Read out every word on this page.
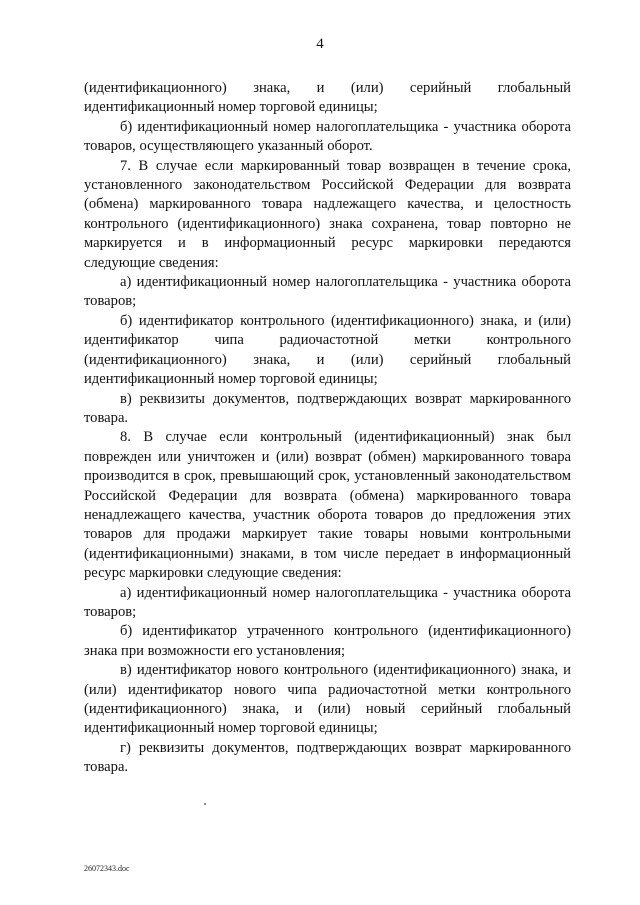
4

(идентификационного) знака, и (или) серийный глобальный идентификационный номер торговой единицы;

б) идентификационный номер налогоплательщика - участника оборота товаров, осуществляющего указанный оборот.

7. В случае если маркированный товар возвращен в течение срока, установленного законодательством Российской Федерации для возврата (обмена) маркированного товара надлежащего качества, и целостность контрольного (идентификационного) знака сохранена, товар повторно не маркируется и в информационный ресурс маркировки передаются следующие сведения:

а) идентификационный номер налогоплательщика - участника оборота товаров;

б) идентификатор контрольного (идентификационного) знака, и (или) идентификатор чипа радиочастотной метки контрольного (идентификационного) знака, и (или) серийный глобальный идентификационный номер торговой единицы;

в) реквизиты документов, подтверждающих возврат маркированного товара.

8. В случае если контрольный (идентификационный) знак был поврежден или уничтожен и (или) возврат (обмен) маркированного товара производится в срок, превышающий срок, установленный законодательством Российской Федерации для возврата (обмена) маркированного товара ненадлежащего качества, участник оборота товаров до предложения этих товаров для продажи маркирует такие товары новыми контрольными (идентификационными) знаками, в том числе передает в информационный ресурс маркировки следующие сведения:

а) идентификационный номер налогоплательщика - участника оборота товаров;

б) идентификатор утраченного контрольного (идентификационного) знака при возможности его установления;

в) идентификатор нового контрольного (идентификационного) знака, и (или) идентификатор нового чипа радиочастотной метки контрольного (идентификационного) знака, и (или) новый серийный глобальный идентификационный номер торговой единицы;

г) реквизиты документов, подтверждающих возврат маркированного товара.

26072343.doc
